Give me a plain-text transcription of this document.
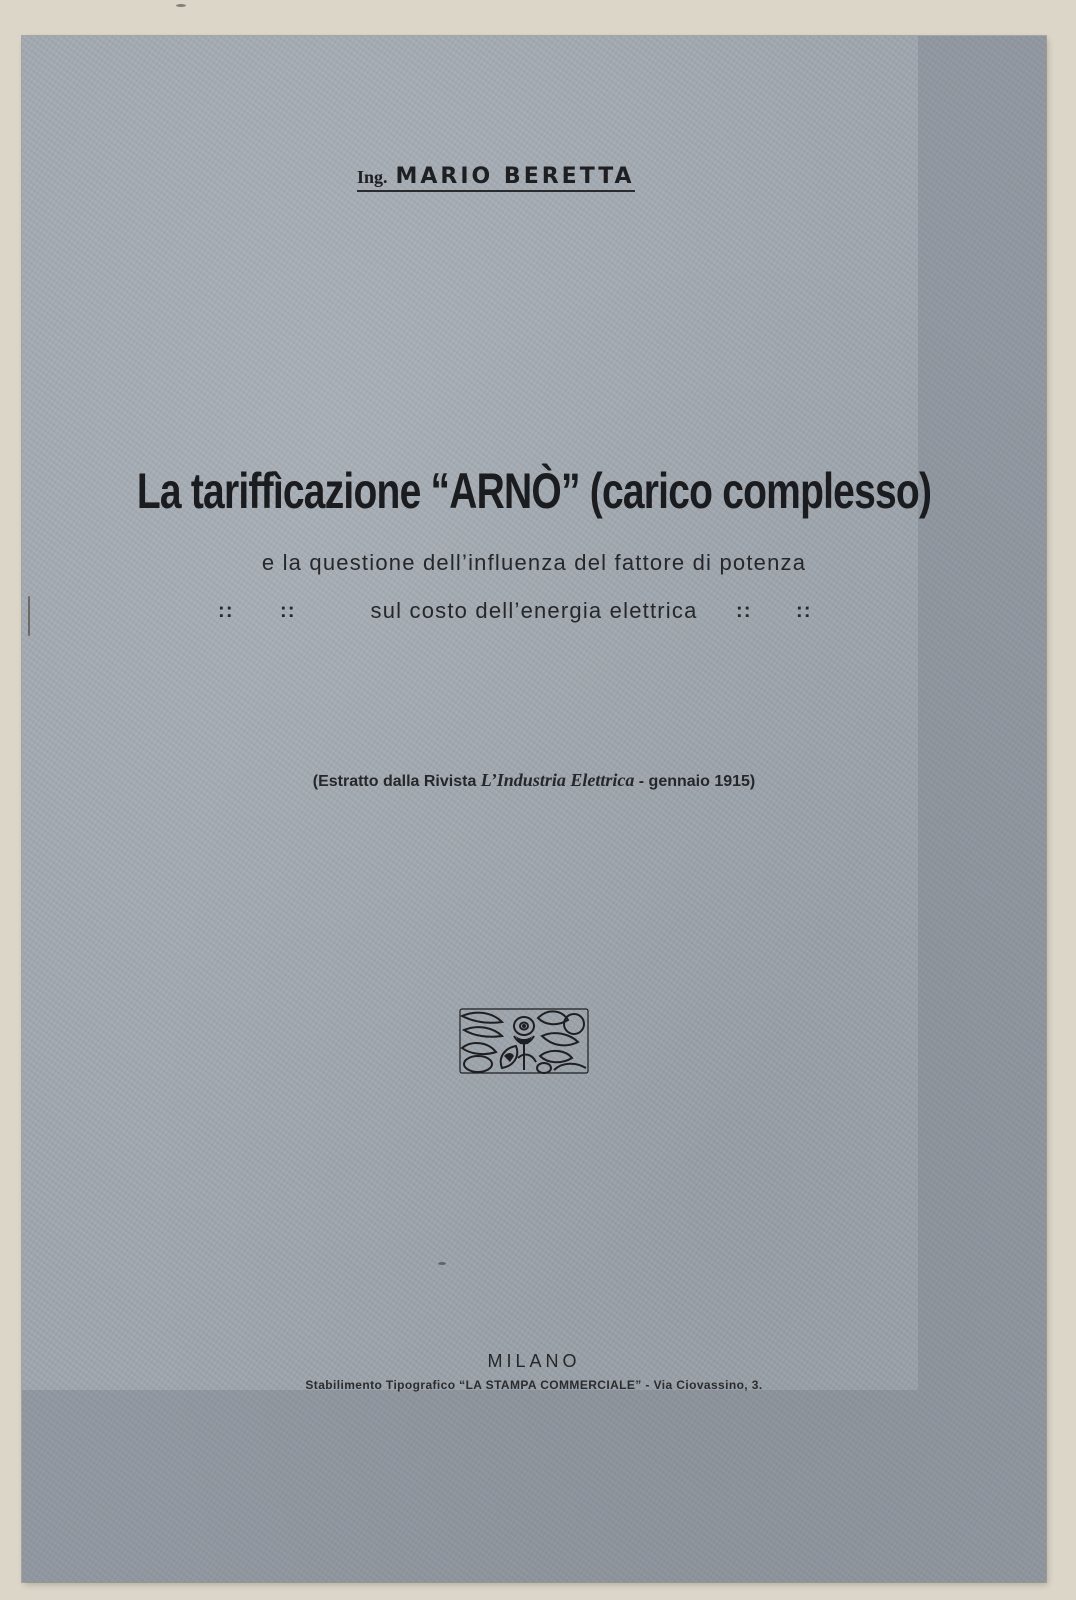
Ing. MARIO BERETTA
La tariffìcazione “ARNÒ” (carico complesso)
e la questione dell’influenza del fattore di potenza
:: ::	sul costo dell’energia elettrica	:: ::
(Estratto dalla Rivista L’Industria Elettrica - gennaio 1915)
MILANO
Stabilimento Tipografico “LA STAMPA COMMERCIALE” - Via Ciovassino, 3.
